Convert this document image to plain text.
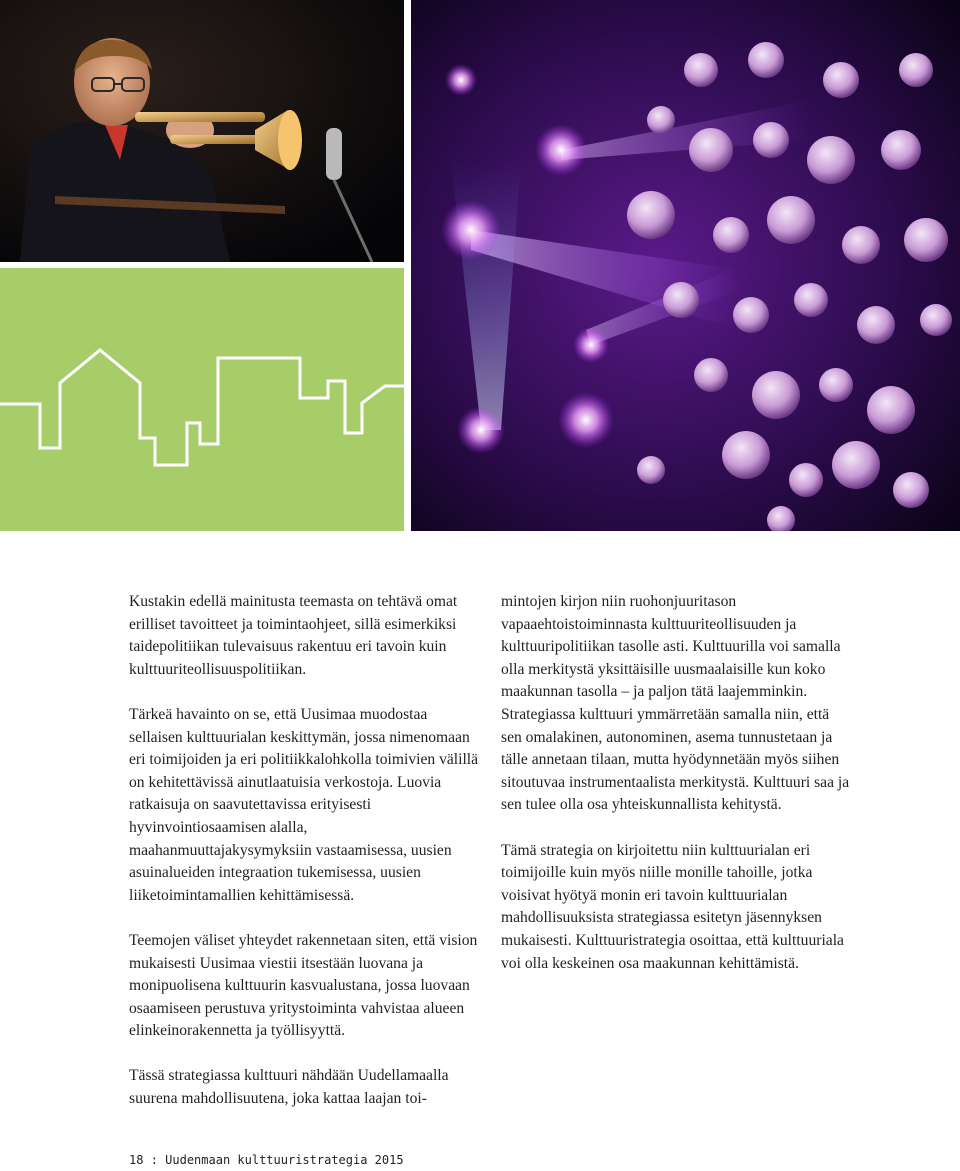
Kustakin edellä mainitusta teemasta on tehtävä omat erilliset tavoitteet ja toimintaohjeet, sillä esimerkiksi taidepolitiikan tulevaisuus rakentuu eri tavoin kuin kulttuuriteollisuuspolitiikan.

Tärkeä havainto on se, että Uusimaa muodostaa sellaisen kulttuurialan keskittymän, jossa nimenomaan eri toimijoiden ja eri politiikkalohkolla toimivien välillä on kehitettävissä ainutlaatuisia verkostoja. Luovia ratkaisuja on saavutettavissa erityisesti hyvinvointiosaamisen alalla, maahanmuuttajakysymyksiin vastaamisessa, uusien asuinalueiden integraation tukemisessa, uusien liiketoimintamallien kehittämisessä.

Teemojen väliset yhteydet rakennetaan siten, että vision mukaisesti Uusimaa viestii itsestään luovana ja monipuolisena kulttuurin kasvualustana, jossa luovaan osaamiseen perustuva yritystoiminta vahvistaa alueen elinkeinorakennetta ja työllisyyttä.

Tässä strategiassa kulttuuri nähdään Uudellamaalla suurena mahdollisuutena, joka kattaa laajan toi-

mintojen kirjon niin ruohonjuuritason vapaaehtoistoiminnasta kulttuuriteollisuuden ja kulttuuripolitiikan tasolle asti. Kulttuurilla voi samalla olla merkitystä yksittäisille uusmaalaisille kun koko maakunnan tasolla – ja paljon tätä laajemminkin. Strategiassa kulttuuri ymmärretään samalla niin, että sen omalakinen, autonominen, asema tunnustetaan ja tälle annetaan tilaan, mutta hyödynnetään myös siihen sitoutuvaa instrumentaalista merkitystä. Kulttuuri saa ja sen tulee olla osa yhteiskunnallista kehitystä.

Tämä strategia on kirjoitettu niin kulttuurialan eri toimijoille kuin myös niille monille tahoille, jotka voisivat hyötyä monin eri tavoin kulttuurialan mahdollisuuksista strategiassa esitetyn jäsennyksen mukaisesti. Kulttuuristrategia osoittaa, että kulttuuriala voi olla keskeinen osa maakunnan kehittämistä.

18 : Uudenmaan kulttuuristrategia 2015
